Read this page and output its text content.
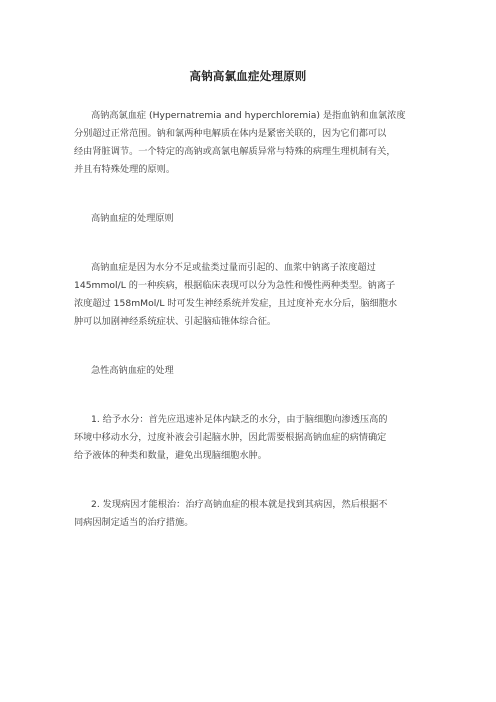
高钠高氯血症处理原则
高钠高氯血症 (Hypernatremia and hyperchloremia) 是指血钠和血氯浓度
分别超过正常范围。钠和氯两种电解质在体内是紧密关联的，因为它们都可以
经由肾脏调节。一个特定的高钠或高氯电解质异常与特殊的病理生理机制有关，
并且有特殊处理的原则。
高钠血症的处理原则
高钠血症是因为水分不足或盐类过量而引起的、血浆中钠离子浓度超过
145mmol/L 的一种疾病，根据临床表现可以分为急性和慢性两种类型。钠离子
浓度超过 158mMol/L 时可发生神经系统并发症，且过度补充水分后，脑细胞水
肿可以加剧神经系统症状、引起脑疝锥体综合征。
急性高钠血症的处理
1. 给予水分：首先应迅速补足体内缺乏的水分，由于脑细胞向渗透压高的
环境中移动水分，过度补液会引起脑水肿，因此需要根据高钠血症的病情确定
给予液体的种类和数量，避免出现脑细胞水肿。
2. 发现病因才能根治：治疗高钠血症的根本就是找到其病因，然后根据不
同病因制定适当的治疗措施。
